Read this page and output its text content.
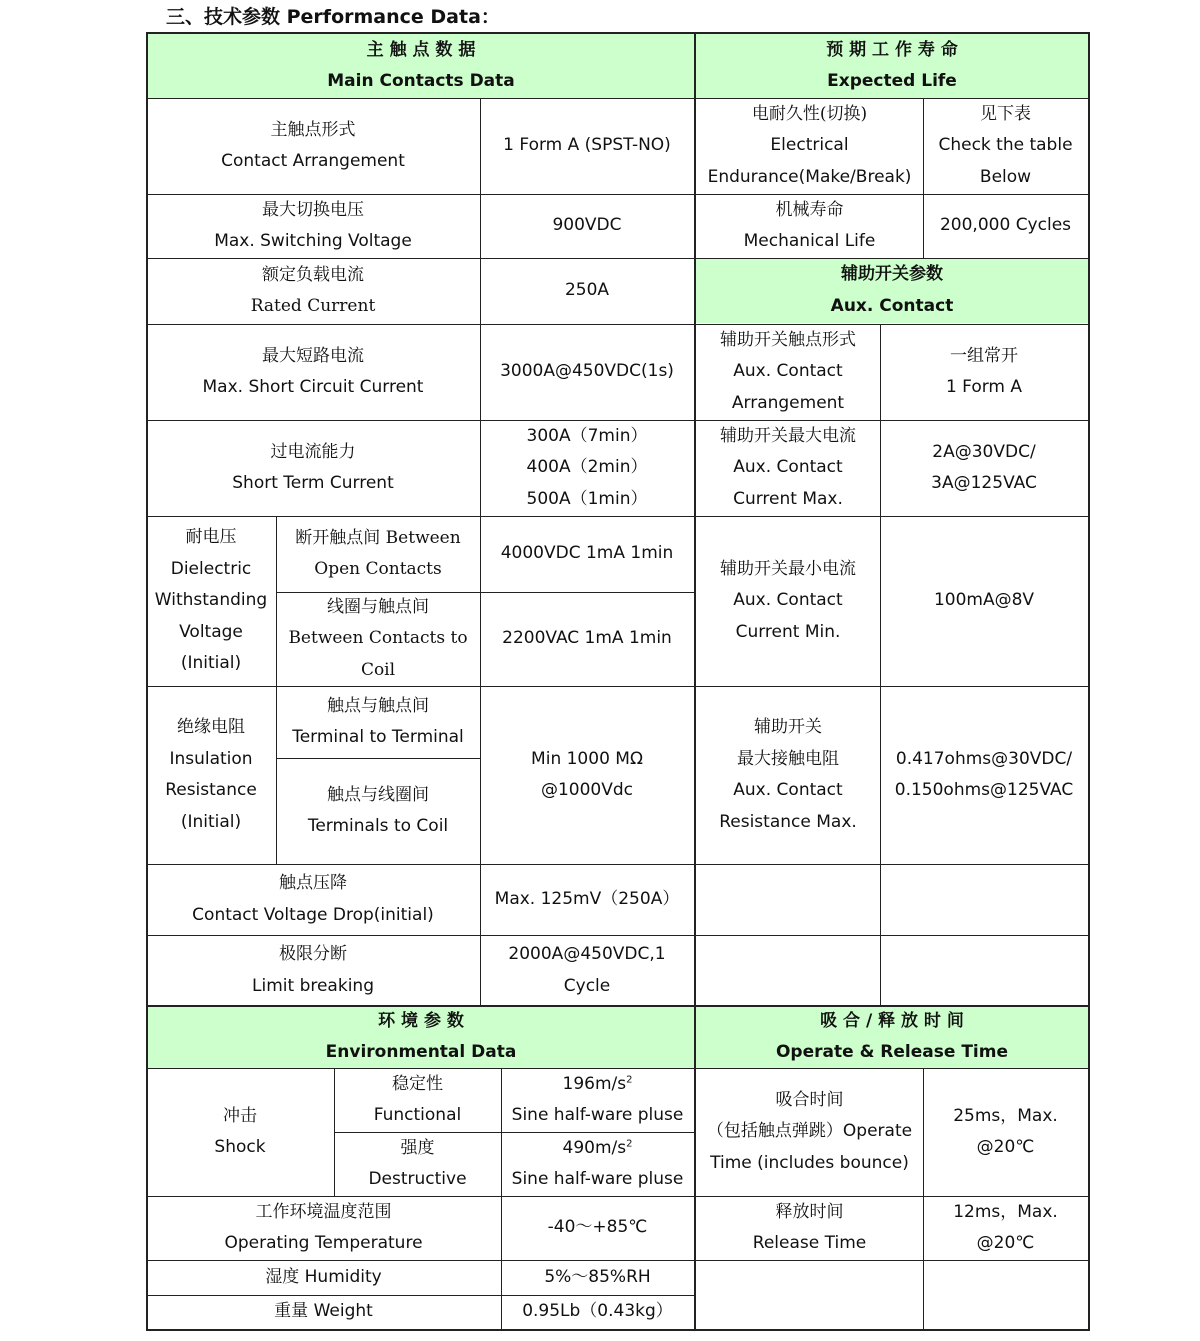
三、技术参数 Performance Data：
主 触 点 数 据
Main Contacts Data
预 期 工 作 寿 命
Expected Life
辅助开关参数
Aux. Contact
环 境 参 数
Environmental Data
吸 合 / 释 放 时 间
Operate & Release Time
主触点形式
Contact Arrangement
1 Form A (SPST-NO)
最大切换电压
Max. Switching Voltage
900VDC
额定负载电流
Rated Current
250A
最大短路电流
Max. Short Circuit Current
3000A@450VDC(1s)
过电流能力
Short Term Current
300A（7min）
400A（2min）
500A（1min）
耐电压
Dielectric
Withstanding
Voltage
(Initial)
断开触点间 Between
Open Contacts
4000VDC 1mA 1min
线圈与触点间
Between Contacts to
Coil
2200VAC 1mA 1min
绝缘电阻
Insulation
Resistance
(Initial)
触点与触点间
Terminal to Terminal
触点与线圈间
Terminals to Coil
Min 1000 MΩ
@1000Vdc
触点压降
Contact Voltage Drop(initial)
Max. 125mV（250A）
极限分断
Limit breaking
2000A@450VDC,1
Cycle
电耐久性(切换)
Electrical
Endurance(Make/Break)
见下表
Check the table
Below
机械寿命
Mechanical Life
200,000 Cycles
辅助开关触点形式
Aux. Contact
Arrangement
一组常开
1 Form A
辅助开关最大电流
Aux. Contact
Current Max.
2A@30VDC/
3A@125VAC
辅助开关最小电流
Aux. Contact
Current Min.
100mA@8V
辅助开关
最大接触电阻
Aux. Contact
Resistance Max.
0.417ohms@30VDC/
0.150ohms@125VAC
冲击
Shock
稳定性
Functional
$196m/s^2$
Sine half-ware pluse
强度
Destructive
$490m/s^2$
Sine half-ware pluse
工作环境温度范围
Operating Temperature
-40～+85℃
湿度 Humidity	5%～85%RH
重量 Weight	0.95Lb（0.43kg）
吸合时间
（包括触点弹跳）Operate
Time (includes bounce)
25ms，Max.
@20℃
释放时间
Release Time
12ms，Max.
@20℃
